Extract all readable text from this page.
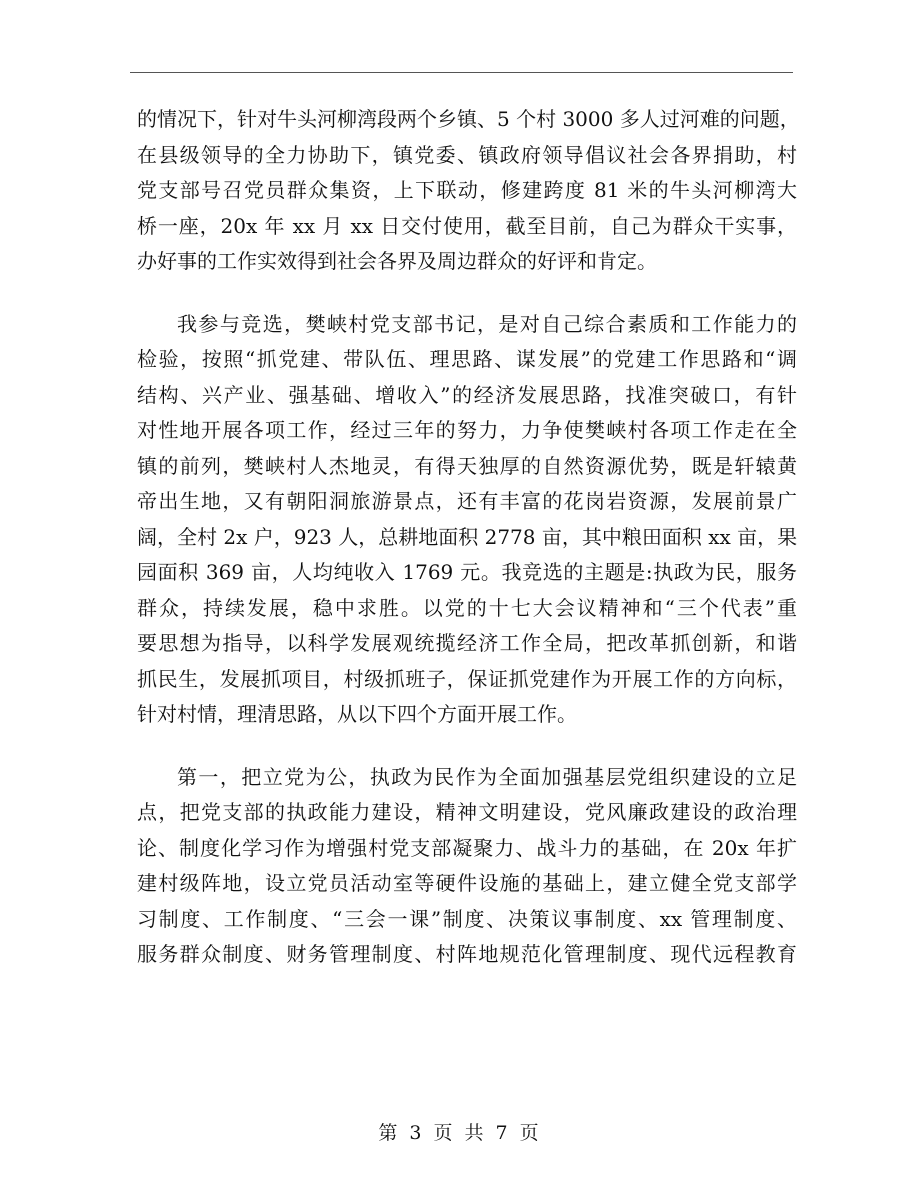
的情况下，针对牛头河柳湾段两个乡镇、5 个村 3000 多人过河难的问题，
在县级领导的全力协助下，镇党委、镇政府领导倡议社会各界捐助，村
党支部号召党员群众集资，上下联动，修建跨度 81 米的牛头河柳湾大
桥一座，20x 年 xx 月 xx 日交付使用，截至目前，自己为群众干实事，
办好事的工作实效得到社会各界及周边群众的好评和肯定。

我参与竞选，樊峡村党支部书记，是对自己综合素质和工作能力的
检验，按照“抓党建、带队伍、理思路、谋发展”的党建工作思路和“调
结构、兴产业、强基础、增收入”的经济发展思路，找准突破口，有针
对性地开展各项工作，经过三年的努力，力争使樊峡村各项工作走在全
镇的前列，樊峡村人杰地灵，有得天独厚的自然资源优势，既是轩辕黄
帝出生地，又有朝阳洞旅游景点，还有丰富的花岗岩资源，发展前景广
阔，全村 2x 户，923 人，总耕地面积 2778 亩，其中粮田面积 xx 亩，果
园面积 369 亩，人均纯收入 1769 元。我竞选的主题是:执政为民，服务
群众，持续发展，稳中求胜。以党的十七大会议精神和“三个代表”重
要思想为指导，以科学发展观统揽经济工作全局，把改革抓创新，和谐
抓民生，发展抓项目，村级抓班子，保证抓党建作为开展工作的方向标，
针对村情，理清思路，从以下四个方面开展工作。

第一，把立党为公，执政为民作为全面加强基层党组织建设的立足
点，把党支部的执政能力建设，精神文明建设，党风廉政建设的政治理
论、制度化学习作为增强村党支部凝聚力、战斗力的基础，在 20x 年扩
建村级阵地，设立党员活动室等硬件设施的基础上，建立健全党支部学
习制度、工作制度、“三会一课”制度、决策议事制度、xx 管理制度、
服务群众制度、财务管理制度、村阵地规范化管理制度、现代远程教育

第 3 页 共 7 页
